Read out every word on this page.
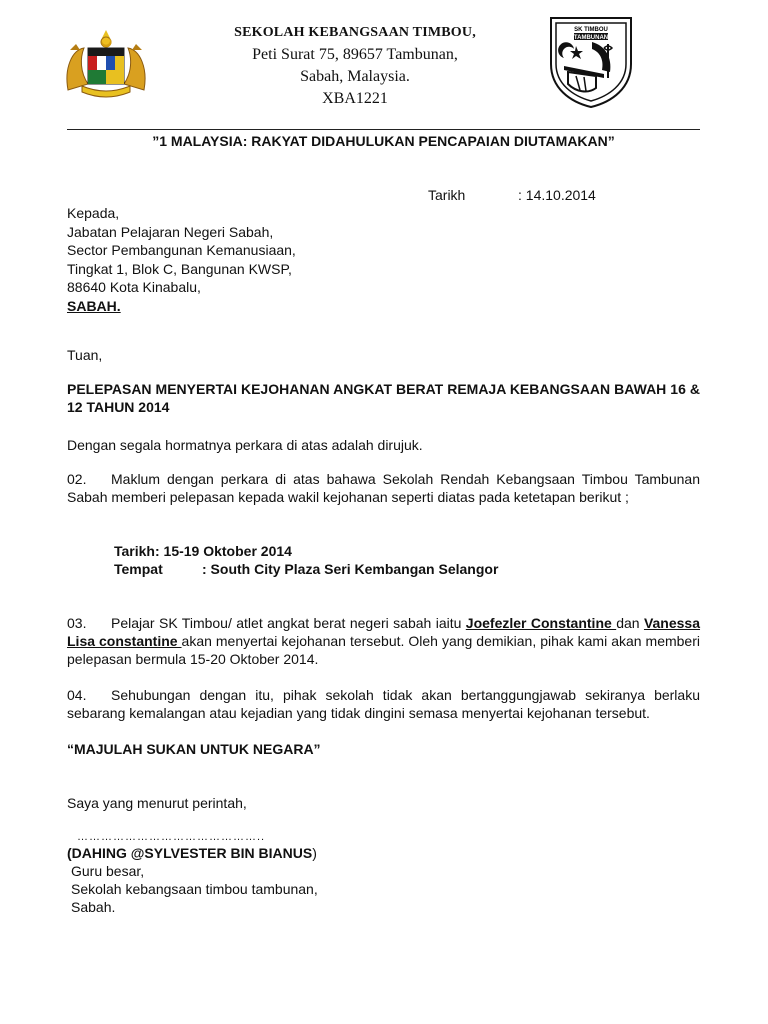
SEKOLAH KEBANGSAAN TIMBOU,
Peti Surat 75, 89657 Tambunan,
Sabah, Malaysia.
XBA1221

SK TIMBOU
TAMBUNAN
”1 MALAYSIA: RAKYAT DIDAHULUKAN PENCAPAIAN DIUTAMAKAN”
Tarikh	: 14.10.2014
Kepada,
Jabatan Pelajaran Negeri Sabah,
Sector Pembangunan Kemanusiaan,
Tingkat 1, Blok C, Bangunan KWSP,
88640 Kota Kinabalu,
SABAH.
Tuan,
PELEPASAN MENYERTAI KEJOHANAN ANGKAT BERAT REMAJA KEBANGSAAN BAWAH 16 & 12 TAHUN 2014
Dengan segala hormatnya perkara di atas adalah dirujuk.
02. Maklum dengan perkara di atas bahawa Sekolah Rendah Kebangsaan Timbou Tambunan Sabah memberi pelepasan kepada wakil kejohanan seperti diatas pada ketetapan berikut ;
Tarikh: 15-19 Oktober 2014
Tempat	: South City Plaza Seri Kembangan Selangor
03. Pelajar SK Timbou/ atlet angkat berat negeri sabah iaitu Joefezler Constantine dan Vanessa Lisa constantine akan menyertai kejohanan tersebut. Oleh yang demikian, pihak kami akan memberi pelepasan bermula 15-20 Oktober 2014.
04. Sehubungan dengan itu, pihak sekolah tidak akan bertanggungjawab sekiranya berlaku sebarang kemalangan atau kejadian yang tidak dingini semasa menyertai kejohanan tersebut.
“MAJULAH SUKAN UNTUK NEGARA”
Saya yang menurut perintah,
………………………………………..
(DAHING @SYLVESTER BIN BIANUS)
Guru besar,
Sekolah kebangsaan timbou tambunan,
Sabah.
